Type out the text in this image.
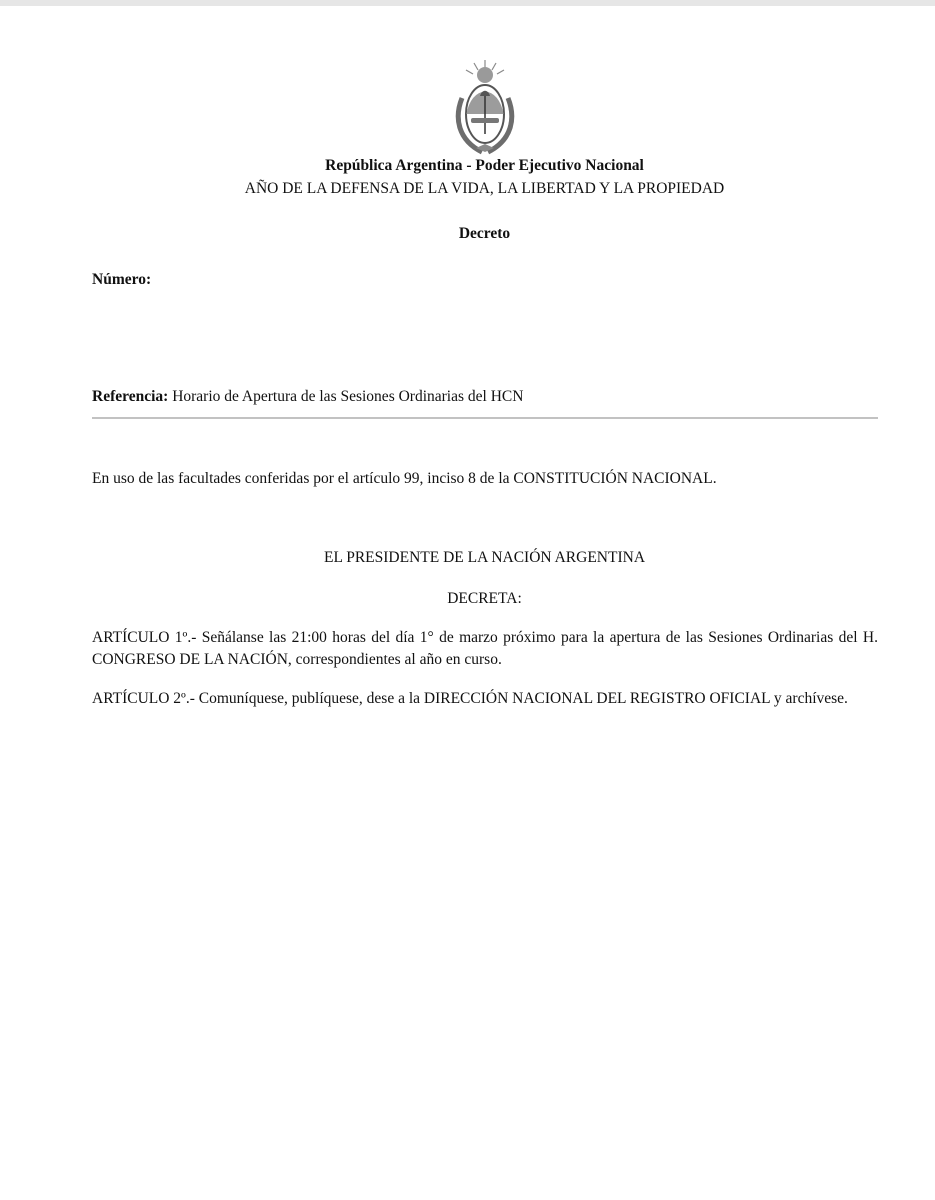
República Argentina - Poder Ejecutivo Nacional
AÑO DE LA DEFENSA DE LA VIDA, LA LIBERTAD Y LA PROPIEDAD
Decreto
Número:
Referencia: Horario de Apertura de las Sesiones Ordinarias del HCN
En uso de las facultades conferidas por el artículo 99, inciso 8 de la CONSTITUCIÓN NACIONAL.
EL PRESIDENTE DE LA NACIÓN ARGENTINA
DECRETA:
ARTÍCULO 1º.- Señálanse las 21:00 horas del día 1° de marzo próximo para la apertura de las Sesiones Ordinarias del H. CONGRESO DE LA NACIÓN, correspondientes al año en curso.
ARTÍCULO 2º.- Comuníquese, publíquese, dese a la DIRECCIÓN NACIONAL DEL REGISTRO OFICIAL y archívese.
